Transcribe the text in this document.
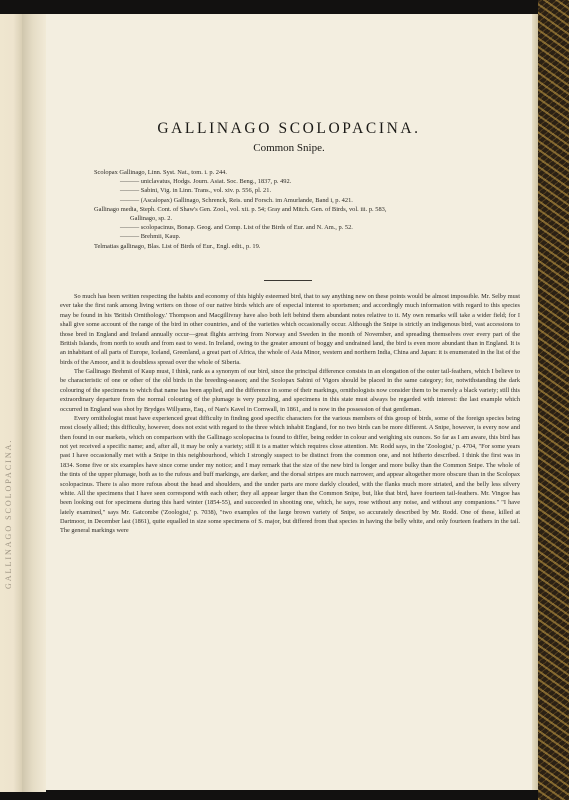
GALLINAGO SCOLOPACINA.
GALLINAGO SCOLOPACINA.
Common Snipe.
Scolopax Gallinago, Linn. Syst. Nat., tom. i. p. 244.
——— uniclavatus, Hodgs. Journ. Asiat. Soc. Beng., 1837, p. 492.
——— Sabini, Vig. in Linn. Trans., vol. xiv. p. 556, pl. 21.
——— (Ascalopax) Gallinago, Schrenck, Reis. und Forsch. im Amurlande, Band i, p. 421.
Gallinago media, Steph. Cont. of Shaw's Gen. Zool., vol. xii. p. 54; Gray and Mitch. Gen. of Birds, vol. iii. p. 583,
Gallinago, sp. 2.
——— scolopacinus, Bonap. Geog. and Comp. List of the Birds of Eur. and N. Am., p. 52.
——— Brehmii, Kaup.
Telmatias gallinago, Blas. List of Birds of Eur., Engl. edit., p. 19.

So much has been written respecting the habits and economy of this highly esteemed bird, that to say anything new on these points would be almost impossible. Mr. Selby must ever take the first rank among living writers on those of our native birds which are of especial interest to sportsmen; and accordingly much information with regard to this species may be found in his 'British Ornithology.' Thompson and Macgillivray have also both left behind them abundant notes relative to it. My own remarks will take a wider field; for I shall give some account of the range of the bird in other countries, and of the varieties which occasionally occur. Although the Snipe is strictly an indigenous bird, vast accessions to those bred in England and Ireland annually occur—great flights arriving from Norway and Sweden in the month of November, and spreading themselves over every part of the British Islands, from north to south and from east to west. In Ireland, owing to the greater amount of boggy and undrained land, the bird is even more abundant than in England. It is an inhabitant of all parts of Europe, Iceland, Greenland, a great part of Africa, the whole of Asia Minor, western and northern India, China and Japan: it is enumerated in the list of the birds of the Amoor, and it is doubtless spread over the whole of Siberia.

The Gallinago Brehmii of Kaup must, I think, rank as a synonym of our bird, since the principal difference consists in an elongation of the outer tail-feathers, which I believe to be characteristic of one or other of the old birds in the breeding-season; and the Scolopax Sabini of Vigors should be placed in the same category; for, notwithstanding the dark colouring of the specimens to which that name has been applied, and the difference in some of their markings, ornithologists now consider them to be merely a black variety; still this extraordinary departure from the normal colouring of the plumage is very puzzling, and specimens in this state must always be regarded with interest: the last example which occurred in England was shot by Brydges Willyams, Esq., of Nan's Kavel in Cornwall, in 1861, and is now in the possession of that gentleman.

Every ornithologist must have experienced great difficulty in finding good specific characters for the various members of this group of birds, some of the foreign species being most closely allied; this difficulty, however, does not exist with regard to the three which inhabit England, for no two birds can be more different. A Snipe, however, is every now and then found in our markets, which on comparison with the Gallinago scolopacina is found to differ, being redder in colour and weighing six ounces. So far as I am aware, this bird has not yet received a specific name; and, after all, it may be only a variety; still it is a matter which requires close attention. Mr. Rodd says, in the 'Zoologist,' p. 4704, "For some years past I have occasionally met with a Snipe in this neighbourhood, which I strongly suspect to be distinct from the common one, and not hitherto described. I think the first was in 1834. Some five or six examples have since come under my notice; and I may remark that the size of the new bird is longer and more bulky than the Common Snipe. The whole of the tints of the upper plumage, both as to the rufous and buff markings, are darker, and the dorsal stripes are much narrower, and appear altogether more obscure than in the Scolopax scolopacinus. There is also more rufous about the head and shoulders, and the under parts are more darkly clouded, with the flanks much more striated, and the belly less silvery white. All the specimens that I have seen correspond with each other; they all appear larger than the Common Snipe, but, like that bird, have fourteen tail-feathers. Mr. Vingoe has been looking out for specimens during this hard winter (1854-55), and succeeded in shooting one, which, he says, rose without any noise, and without any companions." "I have lately examined," says Mr. Gatcombe ('Zoologist,' p. 7038), "two examples of the large brown variety of Snipe, so accurately described by Mr. Rodd. One of these, killed at Dartmoor, in December last (1861), quite equalled in size some specimens of S. major, but differed from that species in having the belly white, and only fourteen feathers in the tail. The general markings were
